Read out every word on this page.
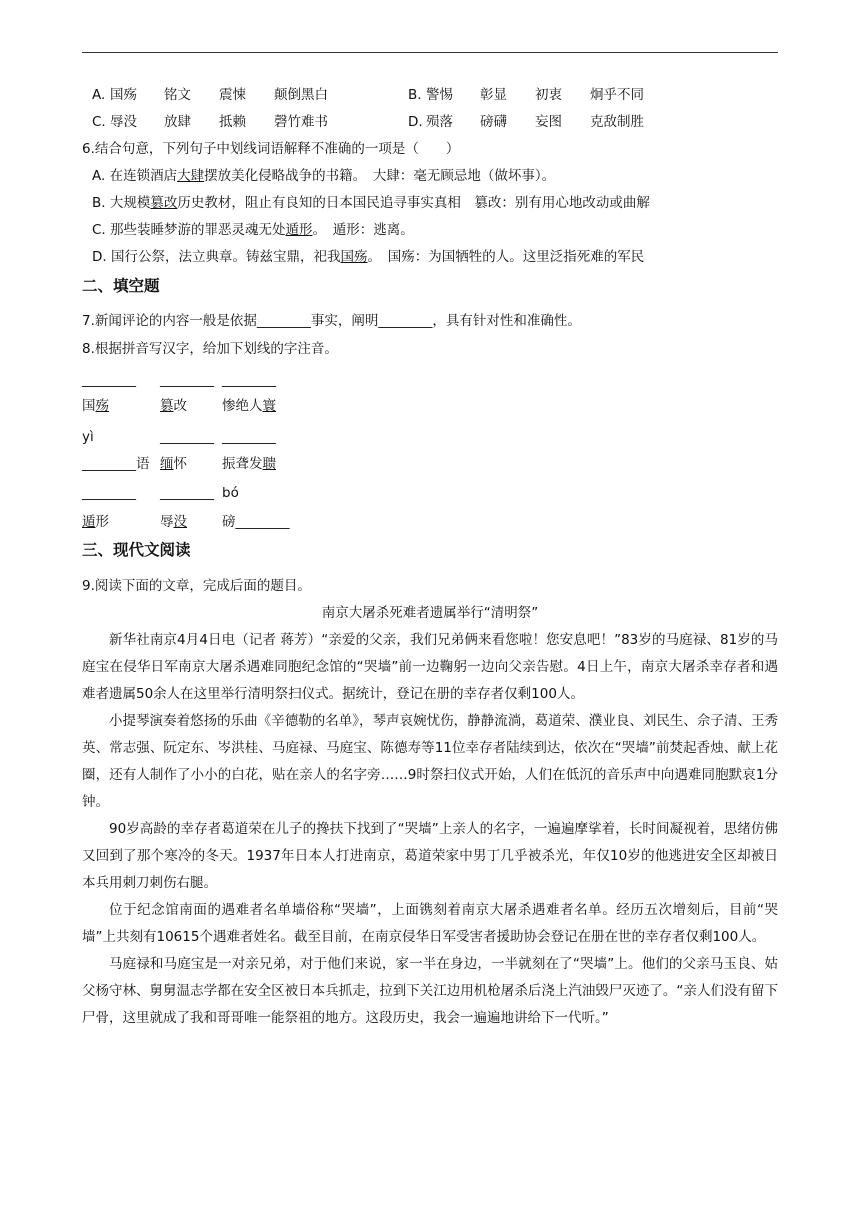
A. 国殇 铭文 震悚 颠倒黑白	B. 警惕 彰显 初衷 炯乎不同
C. 辱没 放肆 抵赖 磬竹难书	D. 殒落 磅礴 妄图 克敌制胜
6.结合句意，下列句子中划线词语解释不准确的一项是（　　）
A. 在连锁酒店大肆摆放美化侵略战争的书籍。　 大肆：毫无顾忌地（做坏事）。
B. 大规模篡改历史教材，阻止有良知的日本国民追寻事实真相　 篡改：别有用心地改动或曲解
C. 那些装睡梦游的罪恶灵魂无处遁形。　 遁形：逃离。
D. 国行公祭，法立典章。铸兹宝鼎，祀我国殇。　 国殇：为国牺牲的人。这里泛指死难的军民
二、填空题
7.新闻评论的内容一般是依据________事实，阐明________，具有针对性和准确性。
8.根据拼音写汉字，给加下划线的字注音。
________ ________ ________
国殇	篡改	惨绝人寰
yì	________ ________
________语 缅怀	振聋发聩
________ ________ bó
遁形	辱没	磅________
三、现代文阅读
9.阅读下面的文章，完成后面的题目。
南京大屠杀死难者遗属举行“清明祭”

新华社南京4月4日电（记者 蒋芳）“亲爱的父亲，我们兄弟俩来看您啦！您安息吧！”83岁的马庭禄、81岁的马庭宝在侵华日军南京大屠杀遇难同胞纪念馆的“哭墙”前一边鞠躬一边向父亲告慰。4日上午，南京大屠杀幸存者和遇难者遗属50余人在这里举行清明祭扫仪式。据统计，登记在册的幸存者仅剩100人。

小提琴演奏着悠扬的乐曲《辛德勒的名单》，琴声哀婉忧伤，静静流淌，葛道荣、濮业良、刘民生、佘子清、王秀英、常志强、阮定东、岑洪桂、马庭禄、马庭宝、陈德寿等11位幸存者陆续到达，依次在“哭墙”前焚起香烛、献上花圈，还有人制作了小小的白花，贴在亲人的名字旁……9时祭扫仪式开始，人们在低沉的音乐声中向遇难同胞默哀1分钟。

90岁高龄的幸存者葛道荣在儿子的搀扶下找到了“哭墙”上亲人的名字，一遍遍摩挲着，长时间凝视着，思绪仿佛又回到了那个寒冷的冬天。1937年日本人打进南京，葛道荣家中男丁几乎被杀光，年仅10岁的他逃进安全区却被日本兵用刺刀刺伤右腿。

位于纪念馆南面的遇难者名单墙俗称“哭墙”，上面镌刻着南京大屠杀遇难者名单。经历五次增刻后，目前“哭墙”上共刻有10615个遇难者姓名。截至目前，在南京侵华日军受害者援助协会登记在册在世的幸存者仅剩100人。

马庭禄和马庭宝是一对亲兄弟，对于他们来说，家一半在身边，一半就刻在了“哭墙”上。他们的父亲马玉良、姑父杨守林、舅舅温志学都在安全区被日本兵抓走，拉到下关江边用机枪屠杀后浇上汽油毁尸灭迹了。“亲人们没有留下尸骨，这里就成了我和哥哥唯一能祭祖的地方。这段历史，我会一遍遍地讲给下一代听。”
